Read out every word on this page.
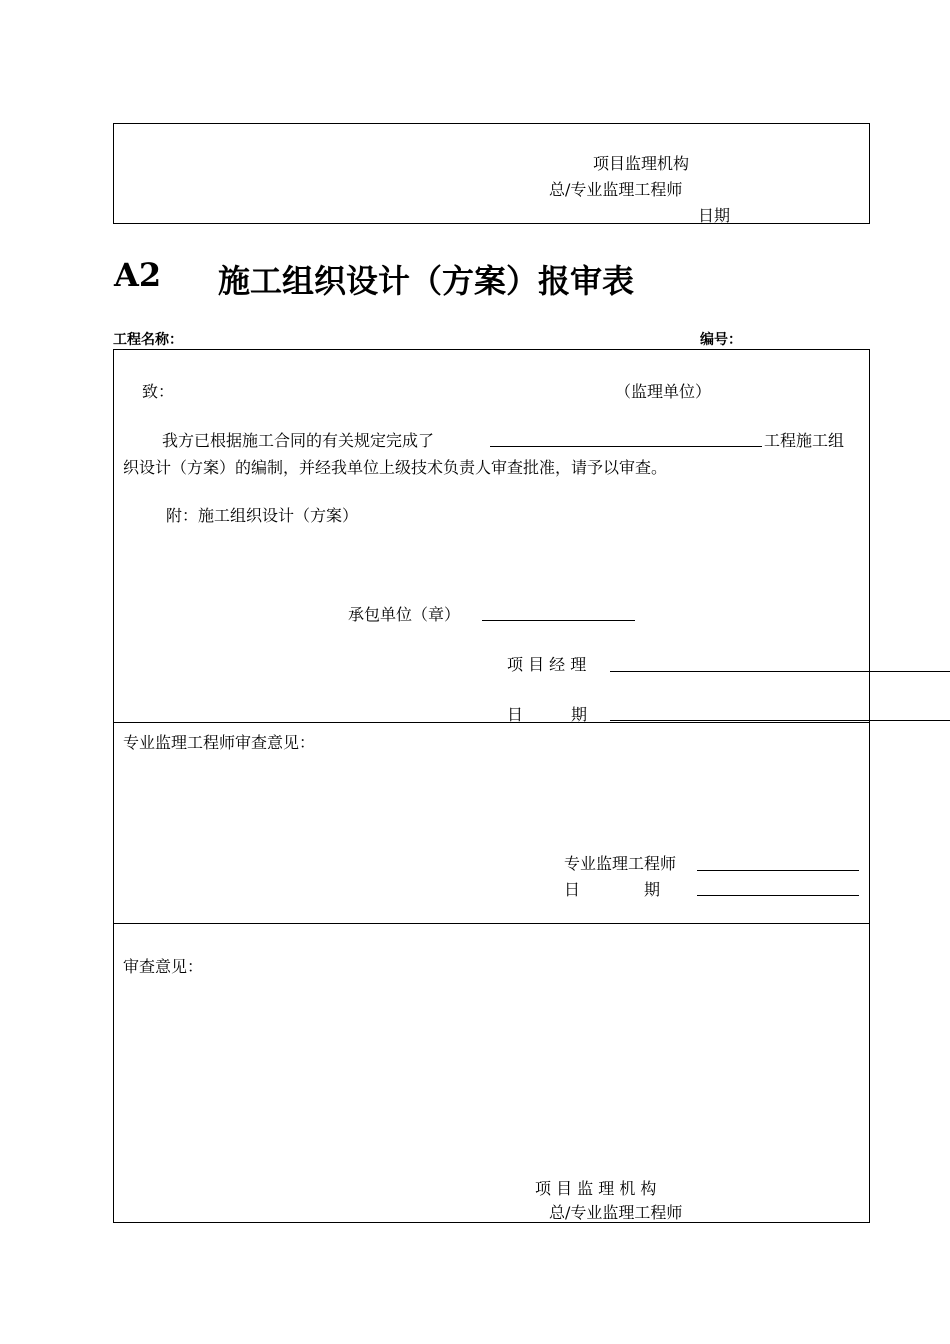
项目监理机构
总/专业监理工程师
日期
A2 施工组织设计（方案）报审表
工程名称：	编号：
致：	（监理单位）
我方已根据施工合同的有关规定完成了	工程施工组
织设计（方案）的编制，并经我单位上级技术负责人审查批准，请予以审查。
附：施工组织设计（方案）
承包单位（章）
项 目 经 理
日　　　期
专业监理工程师审查意见：
专业监理工程师
日　　　　期
审查意见：
项 目 监 理 机 构
总/专业监理工程师
